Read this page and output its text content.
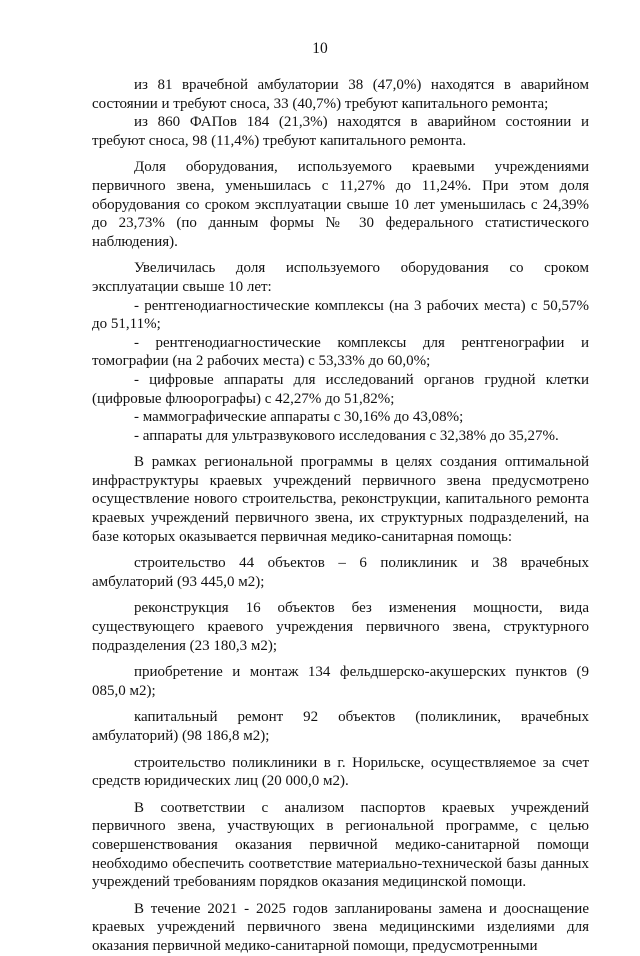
10

из 81 врачебной амбулатории 38 (47,0%) находятся в аварийном состоянии и требуют сноса, 33 (40,7%) требуют капитального ремонта;

из 860 ФАПов 184 (21,3%) находятся в аварийном состоянии и требуют сноса, 98 (11,4%) требуют капитального ремонта.

Доля оборудования, используемого краевыми учреждениями первичного звена, уменьшилась с 11,27% до 11,24%. При этом доля оборудования со сроком эксплуатации свыше 10 лет уменьшилась с 24,39% до 23,73% (по данным формы № 30 федерального статистического наблюдения).

Увеличилась доля используемого оборудования со сроком эксплуатации свыше 10 лет:

- рентгенодиагностические комплексы (на 3 рабочих места) с 50,57% до 51,11%;

- рентгенодиагностические комплексы для рентгенографии и томографии (на 2 рабочих места) с 53,33% до 60,0%;

- цифровые аппараты для исследований органов грудной клетки (цифровые флюорографы) с 42,27% до 51,82%;

- маммографические аппараты с 30,16% до 43,08%;

- аппараты для ультразвукового исследования с 32,38% до 35,27%.

В рамках региональной программы в целях создания оптимальной инфраструктуры краевых учреждений первичного звена предусмотрено осуществление нового строительства, реконструкции, капитального ремонта краевых учреждений первичного звена, их структурных подразделений, на базе которых оказывается первичная медико-санитарная помощь:

строительство 44 объектов – 6 поликлиник и 38 врачебных амбулаторий (93 445,0 м2);

реконструкция 16 объектов без изменения мощности, вида существующего краевого учреждения первичного звена, структурного подразделения (23 180,3 м2);

приобретение и монтаж 134 фельдшерско-акушерских пунктов (9 085,0 м2);

капитальный ремонт 92 объектов (поликлиник, врачебных амбулаторий) (98 186,8 м2);

строительство поликлиники в г. Норильске, осуществляемое за счет средств юридических лиц (20 000,0 м2).

В соответствии с анализом паспортов краевых учреждений первичного звена, участвующих в региональной программе, с целью совершенствования оказания первичной медико-санитарной помощи необходимо обеспечить соответствие материально-технической базы данных учреждений требованиям порядков оказания медицинской помощи.

В течение 2021 - 2025 годов запланированы замена и дооснащение краевых учреждений первичного звена медицинскими изделиями для оказания первичной медико-санитарной помощи, предусмотренными
